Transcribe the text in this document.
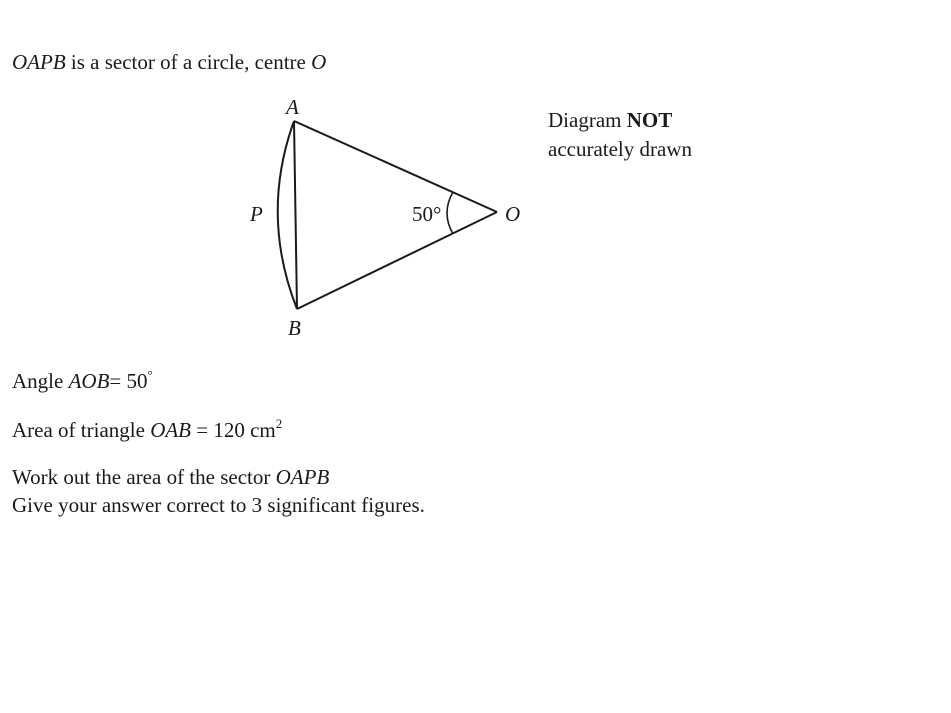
OAPB is a sector of a circle, centre O
A
B
O
P	50°
Diagram NOT
accurately drawn
Angle AOB= 50°
Area of triangle OAB = 120 $cm^2$
Work out the area of the sector OAPB
Give your answer correct to 3 significant figures.
